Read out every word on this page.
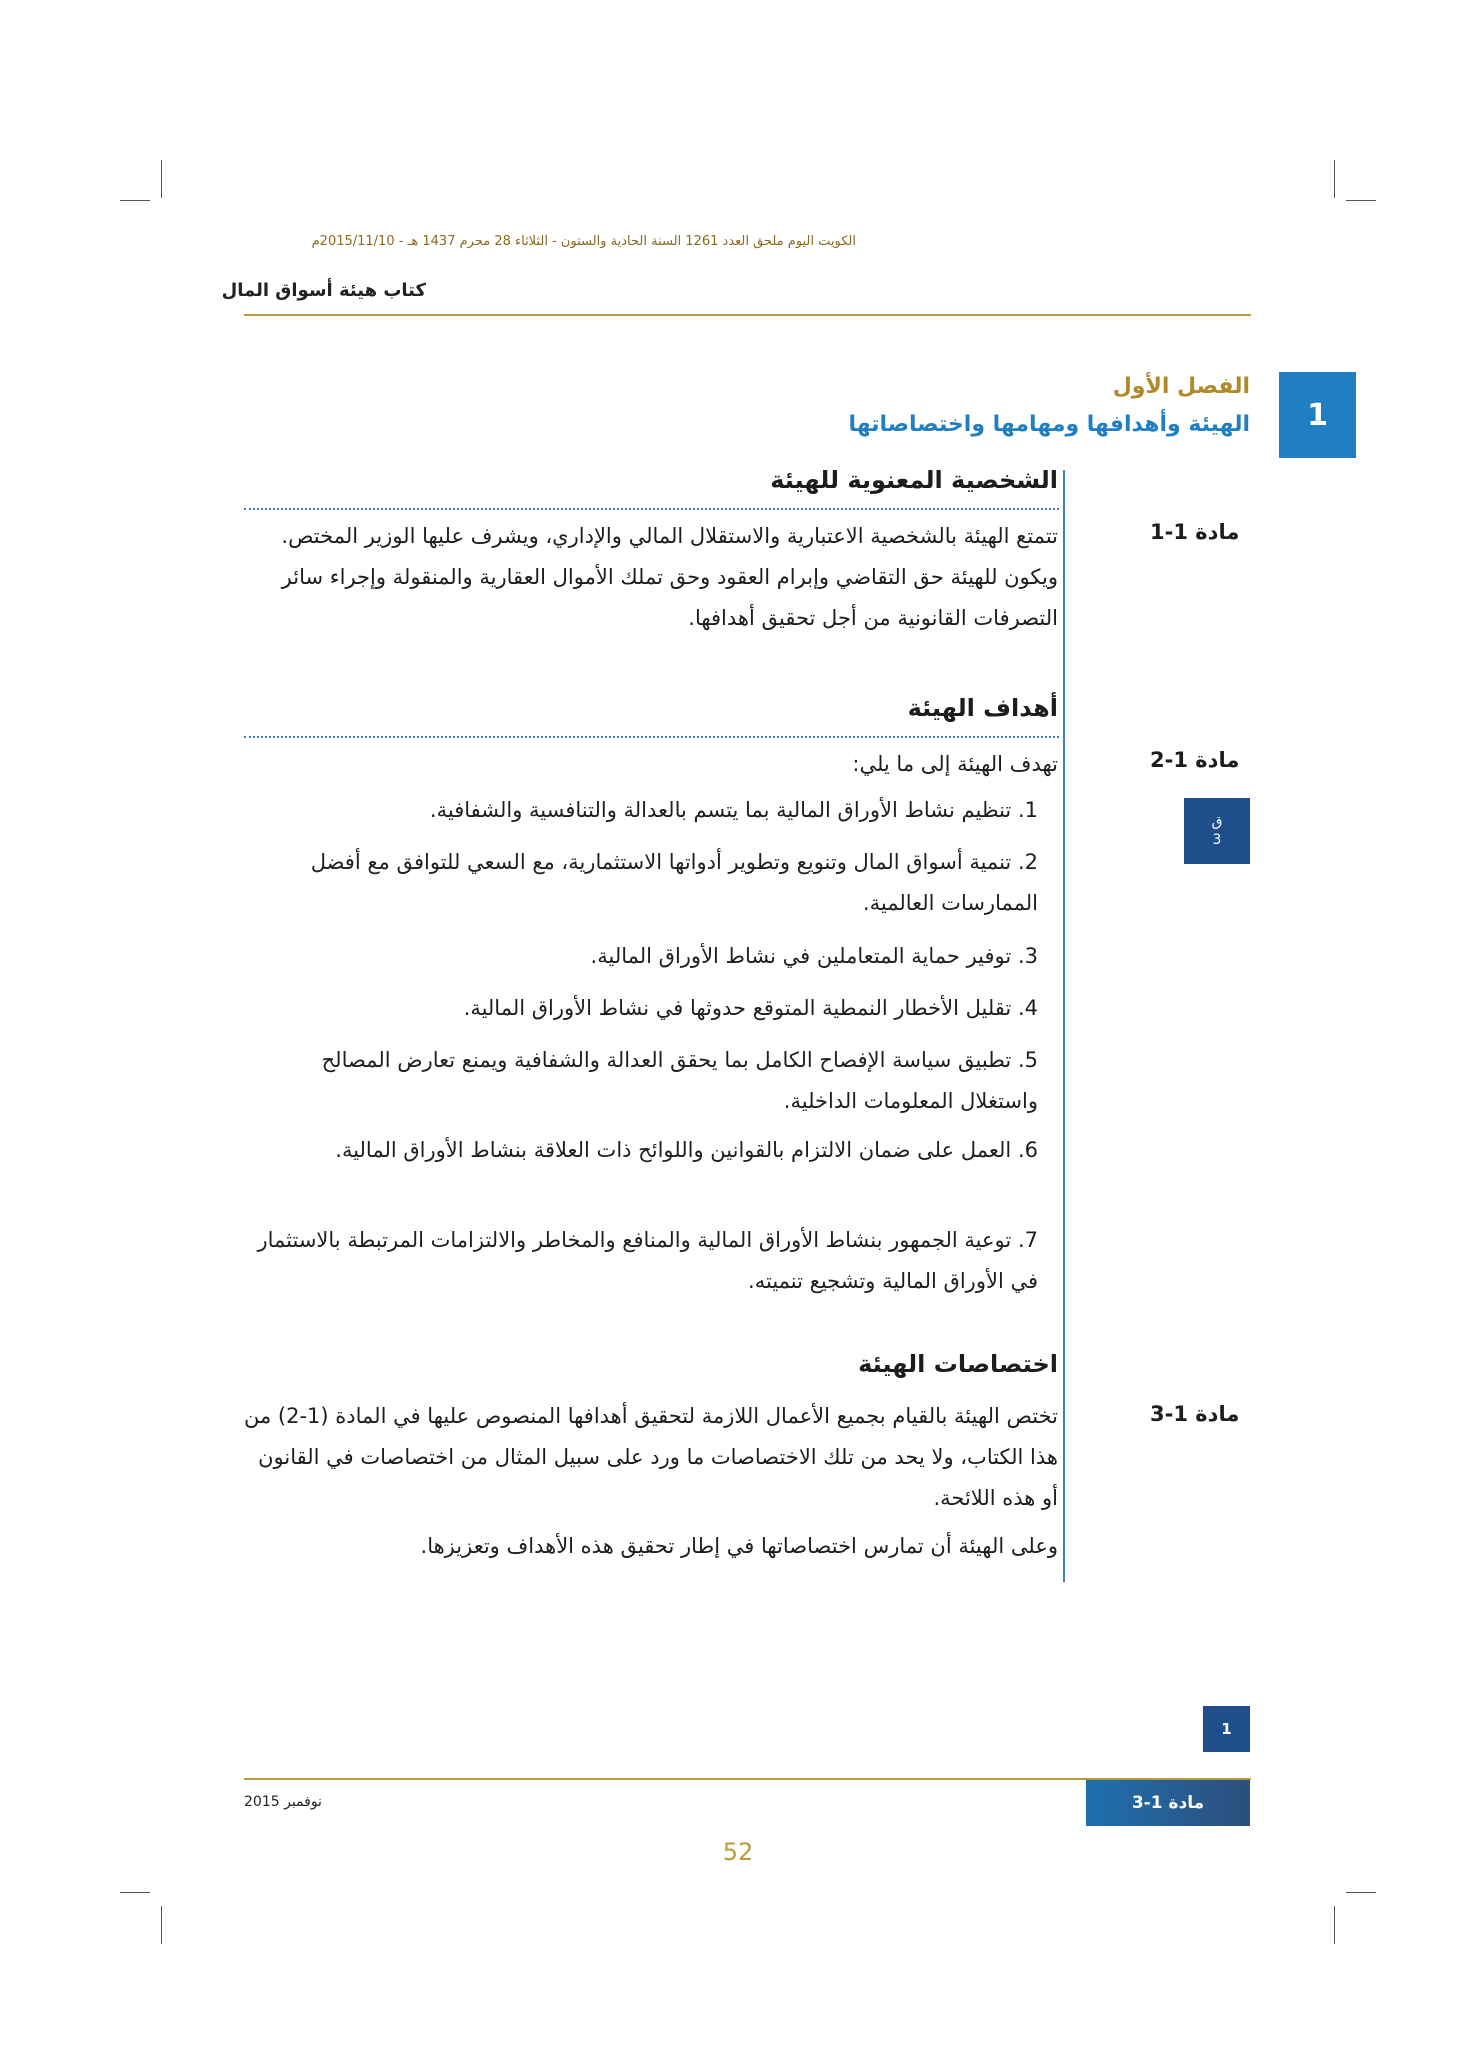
الكويت اليوم ملحق العدد 1261 السنة الحادية والستون - الثلاثاء 28 محرم 1437 هـ - 2015/11/10م
كتاب هيئة أسواق المال
1
الفصل الأول
الهيئة وأهدافها ومهامها واختصاصاتها
الشخصية المعنوية للهيئة
مادة 1-1

تتمتع الهيئة بالشخصية الاعتبارية والاستقلال المالي والإداري، ويشرف عليها الوزير المختص. ويكون للهيئة حق التقاضي وإبرام العقود وحق تملك الأموال العقارية والمنقولة وإجراء سائر التصرفات القانونية من أجل تحقيق أهدافها.

أهداف الهيئة
مادة 1-2

تهدف الهيئة إلى ما يلي:

ق
3
1. تنظيم نشاط الأوراق المالية بما يتسم بالعدالة والتنافسية والشفافية.
2. تنمية أسواق المال وتنويع وتطوير أدواتها الاستثمارية، مع السعي للتوافق مع أفضل الممارسات العالمية.
3. توفير حماية المتعاملين في نشاط الأوراق المالية.
4. تقليل الأخطار النمطية المتوقع حدوثها في نشاط الأوراق المالية.
5. تطبيق سياسة الإفصاح الكامل بما يحقق العدالة والشفافية ويمنع تعارض المصالح واستغلال المعلومات الداخلية.
6. العمل على ضمان الالتزام بالقوانين واللوائح ذات العلاقة بنشاط الأوراق المالية.
7. توعية الجمهور بنشاط الأوراق المالية والمنافع والمخاطر والالتزامات المرتبطة بالاستثمار في الأوراق المالية وتشجيع تنميته.
اختصاصات الهيئة
مادة 1-3

تختص الهيئة بالقيام بجميع الأعمال اللازمة لتحقيق أهدافها المنصوص عليها في المادة (1-2) من هذا الكتاب، ولا يحد من تلك الاختصاصات ما ورد على سبيل المثال من اختصاصات في القانون أو هذه اللائحة.

وعلى الهيئة أن تمارس اختصاصاتها في إطار تحقيق هذه الأهداف وتعزيزها.

1
نوفمبر 2015	مادة 1-3
52
